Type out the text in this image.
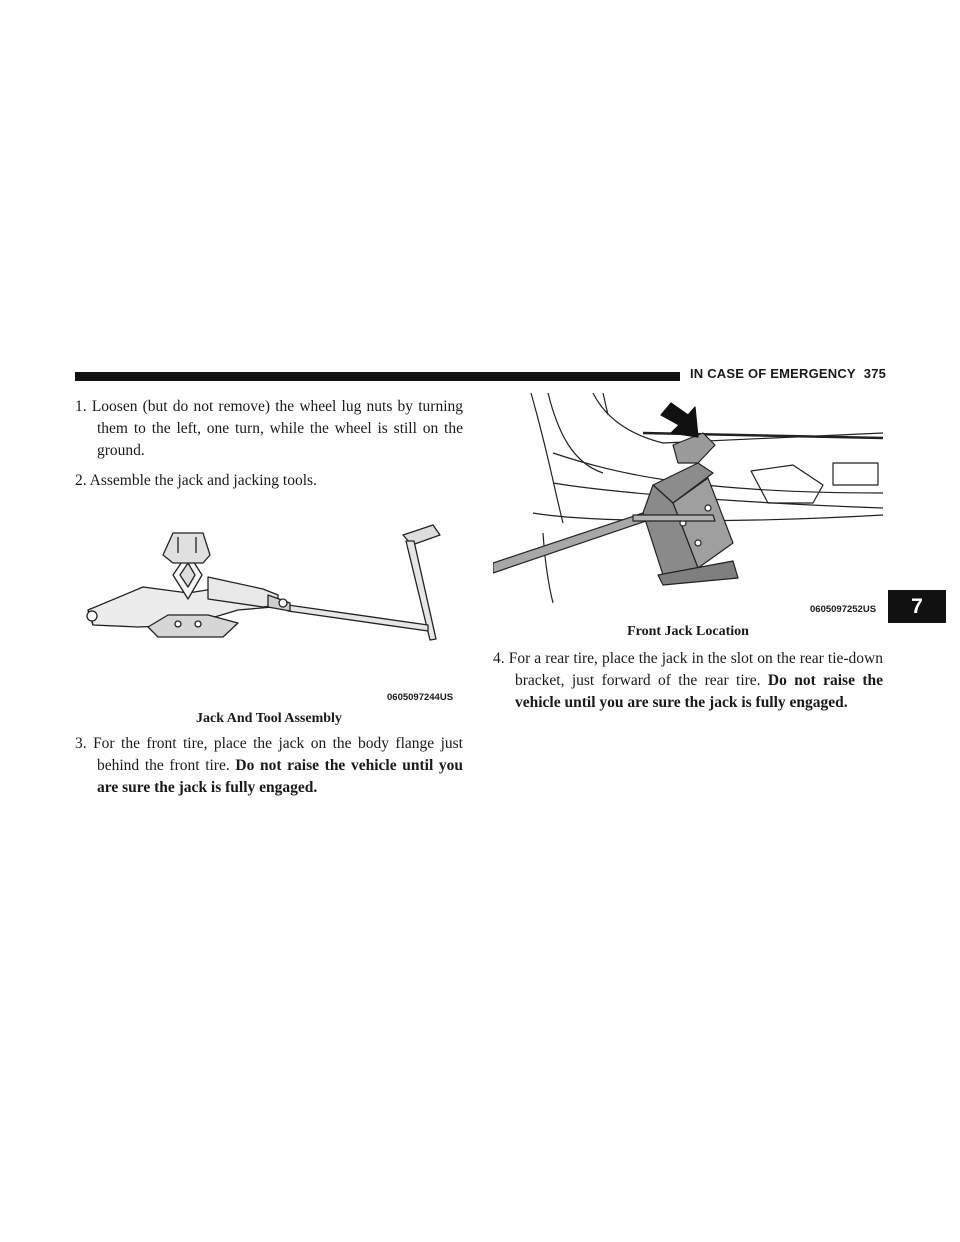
IN CASE OF EMERGENCY 375

1. Loosen (but do not remove) the wheel lug nuts by turning them to the left, one turn, while the wheel is still on the ground.

2. Assemble the jack and jacking tools.

0605097244US
Jack And Tool Assembly

3. For the front tire, place the jack on the body flange just behind the front tire. Do not raise the vehicle until you are sure the jack is fully engaged.

0605097252US
Front Jack Location

4. For a rear tire, place the jack in the slot on the rear tie-down bracket, just forward of the rear tire. Do not raise the vehicle until you are sure the jack is fully engaged.

7
